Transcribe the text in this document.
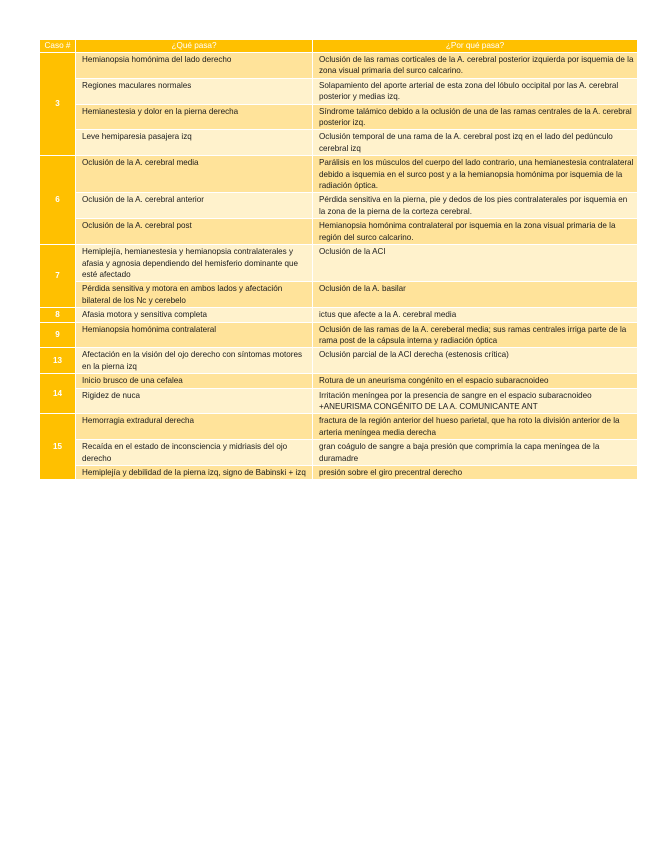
Caso #	¿Qué pasa?	¿Por qué pasa?
3	Hemianopsia homónima del lado derecho	Oclusión de las ramas corticales de la A. cerebral posterior izquierda por isquemia de la zona visual primaria del surco calcarino.
	Regiones maculares normales	Solapamiento del aporte arterial de esta zona del lóbulo occipital por las A. cerebral posterior y medias izq.
	Hemianestesia y dolor en la pierna derecha	Síndrome talámico debido a la oclusión de una de las ramas centrales de la A. cerebral posterior izq.
	Leve hemiparesia pasajera izq	Oclusión temporal de una rama de la A. cerebral post izq en el lado del pedúnculo cerebral izq
6	Oclusión de la A. cerebral media	Parálisis en los músculos del cuerpo del lado contrario, una hemianestesia contralateral debido a isquemia en el surco post y a la hemianopsia homónima por isquemia de la radiación óptica.
	Oclusión de la A. cerebral anterior	Pérdida sensitiva en la pierna, pie y dedos de los pies contralaterales por isquemia en la zona de la pierna de la corteza cerebral.
	Oclusión de la A. cerebral post	Hemianopsia homónima contralateral por isquemia en la zona visual primaria de la región del surco calcarino.
7	Hemiplejía, hemianestesia y hemianopsia contralaterales y afasia y agnosia dependiendo del hemisferio dominante que esté afectado	Oclusión de la ACI
	Pérdida sensitiva y motora en ambos lados y afectación bilateral de los Nc y cerebelo	Oclusión de la A. basilar
8	Afasia motora y sensitiva completa	ictus que afecte a la A. cerebral media
9	Hemianopsia homónima contralateral	Oclusión de las ramas de la A. cereberal media; sus ramas centrales irriga parte de la rama post de la cápsula interna y radiación óptica
13	Afectación en la visión del ojo derecho con síntomas motores en la pierna izq	Oclusión parcial de la ACI derecha (estenosis crítica)
14	Inicio brusco de una cefalea	Rotura de un aneurisma congénito en el espacio subaracnoideo
	Rigidez de nuca	Irritación meníngea por la presencia de sangre en el espacio subaracnoideo +ANEURISMA CONGÉNITO DE LA A. COMUNICANTE ANT
15	Hemorragia extradural derecha	fractura de la región anterior del hueso parietal, que ha roto la división anterior de la arteria meníngea media derecha
	Recaída en el estado de inconsciencia y midriasis del ojo derecho	gran coágulo de sangre a baja presión que comprimía la capa meníngea de la duramadre
	Hemiplejía y debilidad de la pierna izq, signo de Babinski + izq	presión sobre el giro precentral derecho
